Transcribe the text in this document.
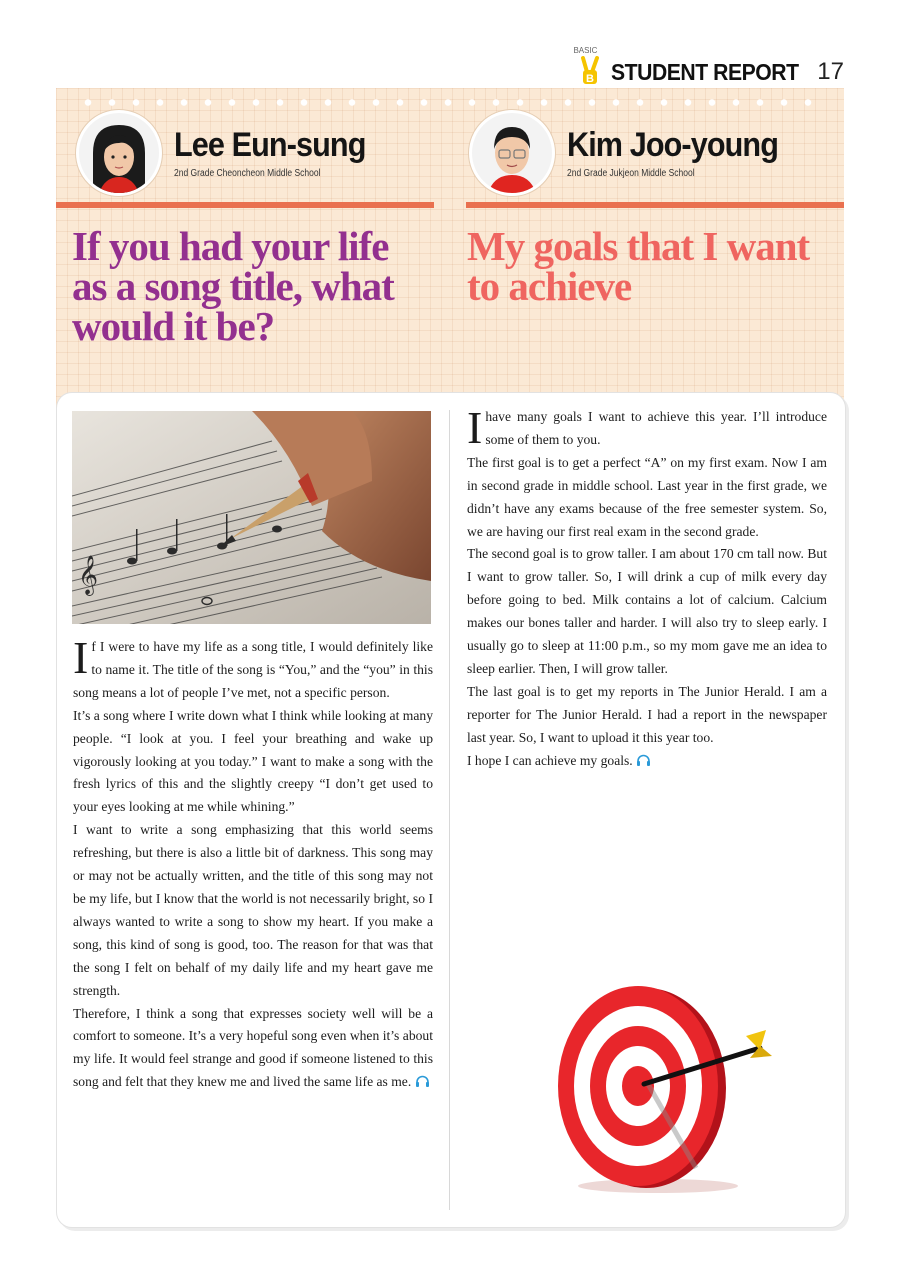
BASIC
B STUDENT REPORT 17
Lee Eun-sung
2nd Grade Cheoncheon Middle School
Kim Joo-young
2nd Grade Jukjeon Middle School
If you had your life as a song title, what would it be?
My goals that I want to achieve
𝄞

If I were to have my life as a song title, I would definitely like to name it. The title of the song is “You,” and the “you” in this song means a lot of people I’ve met, not a specific person.

It’s a song where I write down what I think while looking at many people. “I look at you. I feel your breathing and wake up vigorously looking at you today.” I want to make a song with the fresh lyrics of this and the slightly creepy “I don’t get used to your eyes looking at me while whining.”

I want to write a song emphasizing that this world seems refreshing, but there is also a little bit of darkness. This song may or may not be actually written, and the title of this song may not be my life, but I know that the world is not necessarily bright, so I always wanted to write a song to show my heart. If you make a song, this kind of song is good, too. The reason for that was that the song I felt on behalf of my daily life and my heart gave me strength.

Therefore, I think a song that expresses society well will be a comfort to someone. It’s a very hopeful song even when it’s about my life. It would feel strange and good if someone listened to this song and felt that they knew me and lived the same life as me.

I have many goals I want to achieve this year. I’ll introduce some of them to you.

The first goal is to get a perfect “A” on my first exam. Now I am in second grade in middle school. Last year in the first grade, we didn’t have any exams because of the free semester system. So, we are having our first real exam in the second grade.

The second goal is to grow taller. I am about 170 cm tall now. But I want to grow taller. So, I will drink a cup of milk every day before going to bed. Milk contains a lot of calcium. Calcium makes our bones taller and harder. I will also try to sleep early. I usually go to sleep at 11:00 p.m., so my mom gave me an idea to sleep earlier. Then, I will grow taller.

The last goal is to get my reports in The Junior Herald. I am a reporter for The Junior Herald. I had a report in the newspaper last year. So, I want to upload it this year too.

I hope I can achieve my goals.
